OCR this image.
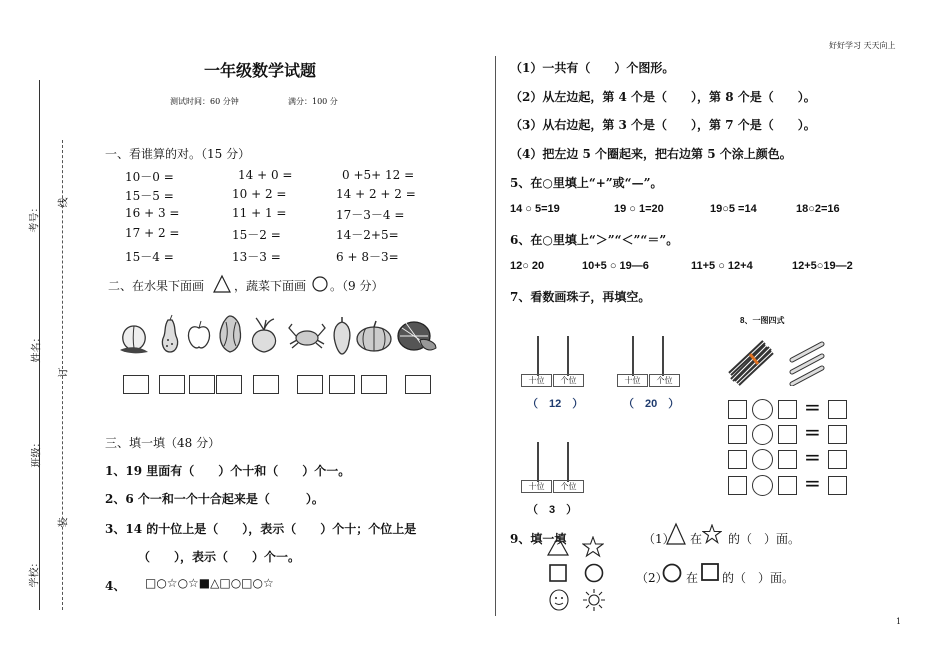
好好学习 天天向上
1
考号：
姓名：
班级：
学校：
线
订
装
一年级数学试题
测试时间：60 分钟	满分：100 分
一、看谁算的对。（15 分）
10－0 =	14 + 0 =	0 +5+ 12 =
15－5 =	10 + 2 =	14 + 2 + 2 =
16 + 3 =	11 + 1 =	17－3－4 =
17 + 2 =	15－2 =	14－2+5=
15－4 =	13－3 =	6 + 8－3=
二、在水果下面画 ，蔬菜下面画 。（9 分）
三、填一填（48 分）
1、19 里面有（　　）个十和（　　）个一。
2、6 个一和一个十合起来是（　　　）。
3、14 的十位上是（　　），表示（　　）个十；个位上是
（　　），表示（　　）个一。
4、 □○☆○☆■△□○□○☆
（1）一共有（　　）个图形。
（2）从左边起，第 4 个是（　　），第 8 个是（　　）。
（3）从右边起，第 3 个是（　　），第 7 个是（　　）。
（4）把左边 5 个圈起来，把右边第 5 个涂上颜色。
5、在○里填上“+”或“—”。
14 ○ 5=19	19 ○ 1=20	19○5 =14	18○2=16
6、在○里填上“＞”“＜”“＝”。
12○ 20	10+5 ○ 19—6	11+5 ○ 12+4	12+5○19—2
7、看数画珠子，再填空。
十位	个位
（　12　）
十位	个位
（　20　）
十位	个位
（　3　）
8、一图四式
=
=
=
=
9、填一填	（1） 在 的（　）面。
（2） 在 的（　）面。
